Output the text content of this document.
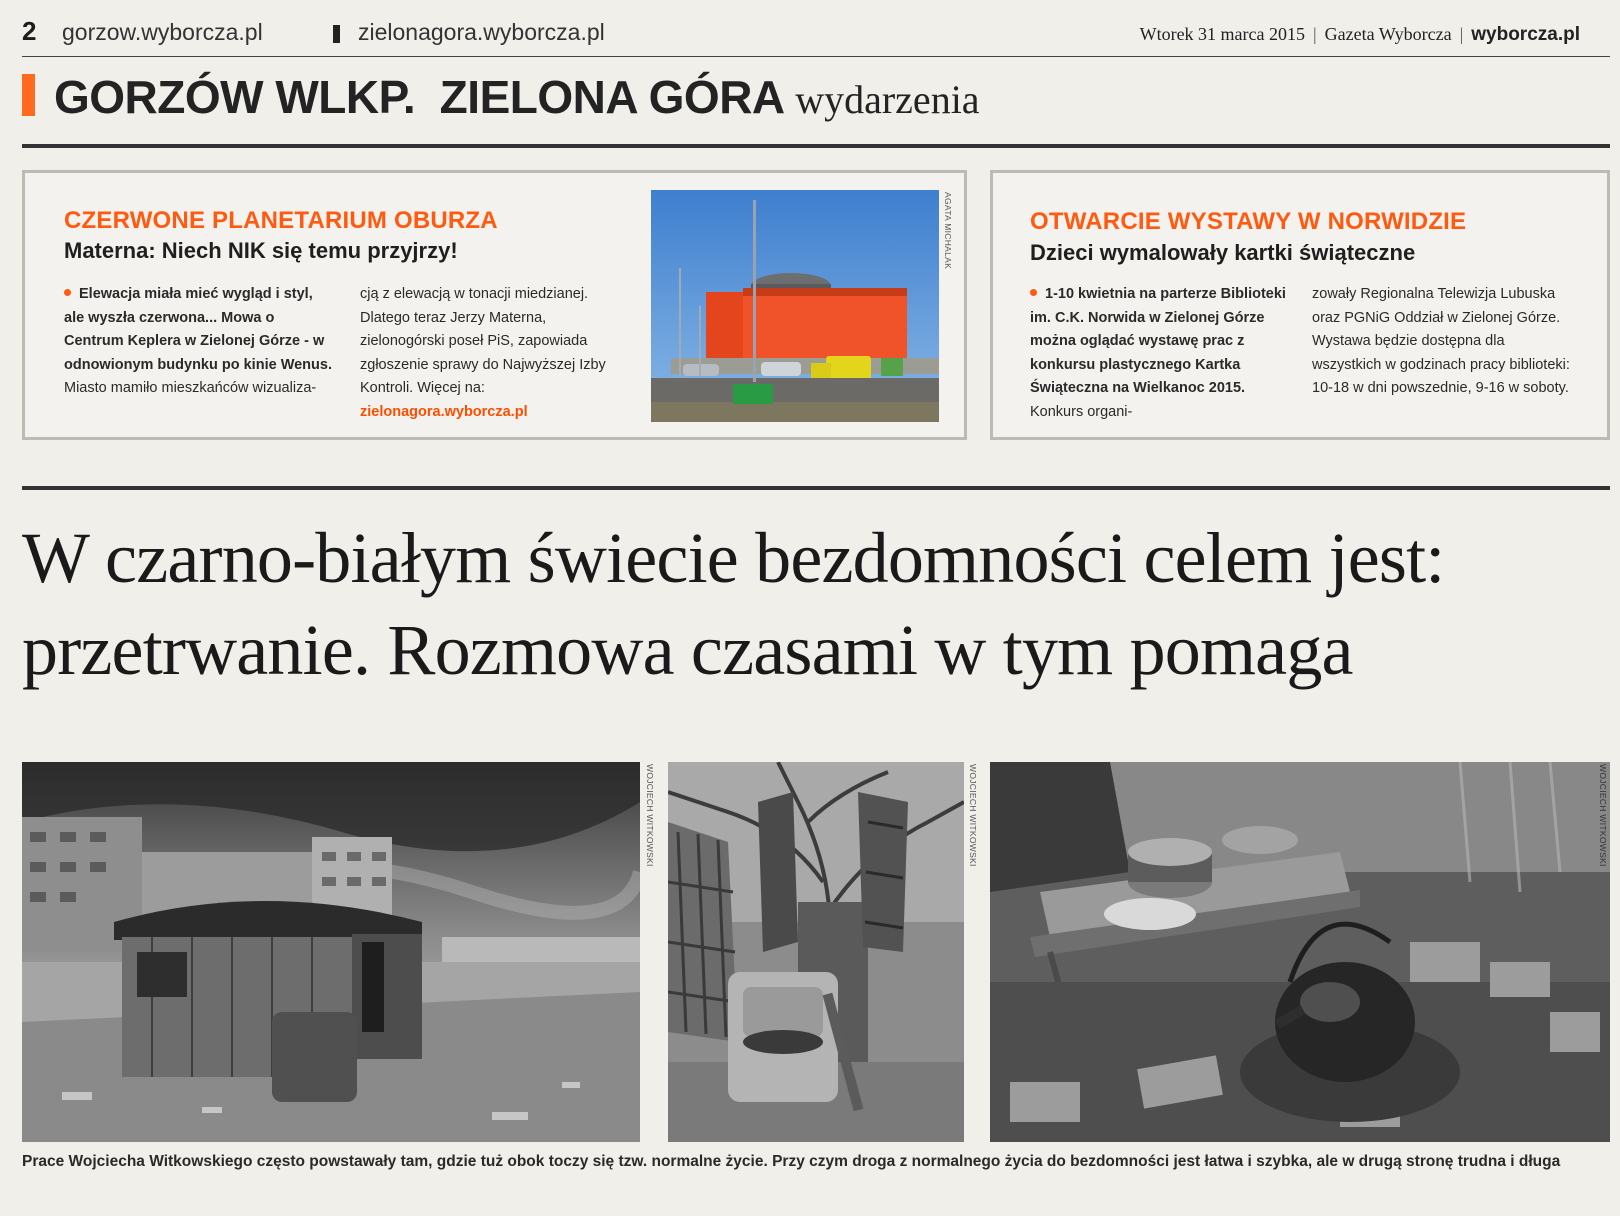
2 gorzow.wyborcza.pl	zielonagora.wyborcza.pl	Wtorek 31 marca 2015 | Gazeta Wyborcza | wyborcza.pl
GORZÓW WLKP.  ZIELONA GÓRA wydarzenia
CZERWONE PLANETARIUM OBURZA
Materna: Niech NIK się temu przyjrzy!
Elewacja miała mieć wygląd i styl, ale wyszła czerwona... Mowa o Centrum Keplera w Zielonej Górze - w odnowionym budynku po kinie Wenus. Miasto mamiło mieszkańców wizualiza-
cją z elewacją w tonacji miedzianej. Dlatego teraz Jerzy Materna, zielonogórski poseł PiS, zapowiada zgłoszenie sprawy do Najwyższej Izby Kontroli. Więcej na:
zielonagora.wyborcza.pl
AGATA MICHALAK	OTWARCIE WYSTAWY W NORWIDZIE
Dzieci wymalowały kartki świąteczne
1-10 kwietnia na parterze Biblioteki im. C.K. Norwida w Zielonej Górze można oglądać wystawę prac z konkursu plastycznego Kartka Świąteczna na Wielkanoc 2015. Konkurs organi-
zowały Regionalna Telewizja Lubuska oraz PGNiG Oddział w Zielonej Górze. Wystawa będzie dostępna dla wszystkich w godzinach pracy biblioteki: 10-18 w dni powszednie, 9-16 w soboty.
W czarno-białym świecie bezdomności celem jest: przetrwanie. Rozmowa czasami w tym pomaga
WOJCIECH WITKOWSKI	WOJCIECH WITKOWSKI	WOJCIECH WITKOWSKI
Prace Wojciecha Witkowskiego często powstawały tam, gdzie tuż obok toczy się tzw. normalne życie. Przy czym droga z normalnego życia do bezdomności jest łatwa i szybka, ale w drugą stronę trudna i długa
